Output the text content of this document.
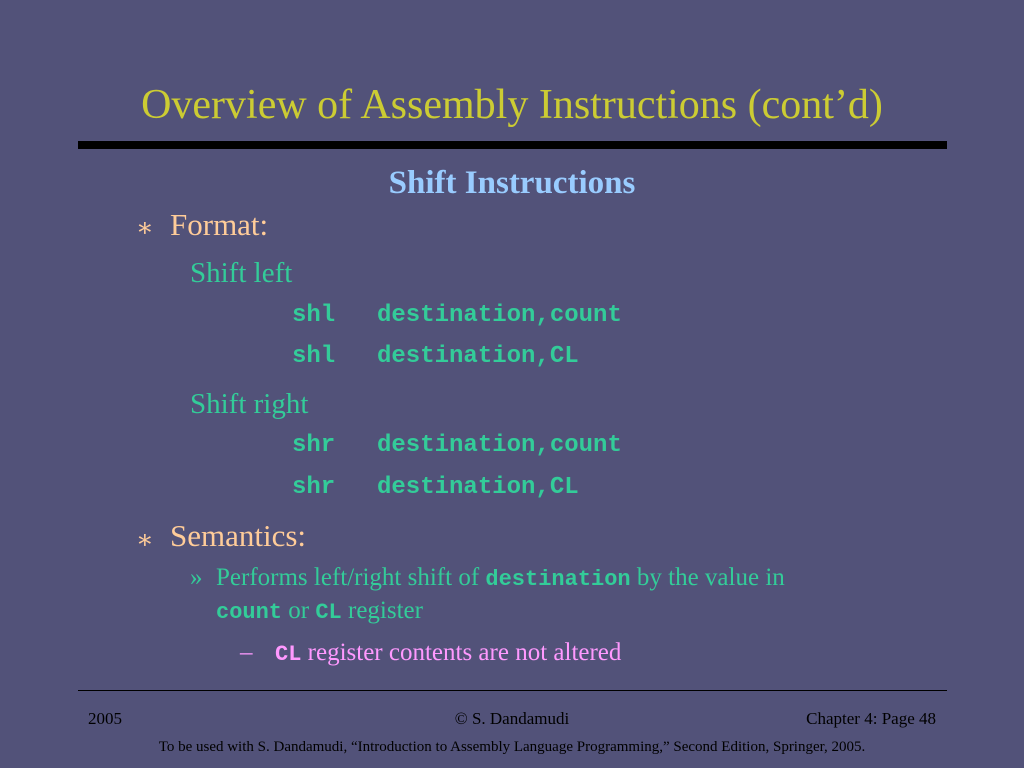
Overview of Assembly Instructions (cont’d)
Shift Instructions
∗ Format:
Shift left
shl destination,count
shl destination,CL
Shift right
shr destination,count
shr destination,CL
∗ Semantics:
» Performs left/right shift of destination by the value in
count or CL register
– CL register contents are not altered
2005	© S. Dandamudi	Chapter 4: Page 48
To be used with S. Dandamudi, “Introduction to Assembly Language Programming,” Second Edition, Springer, 2005.
